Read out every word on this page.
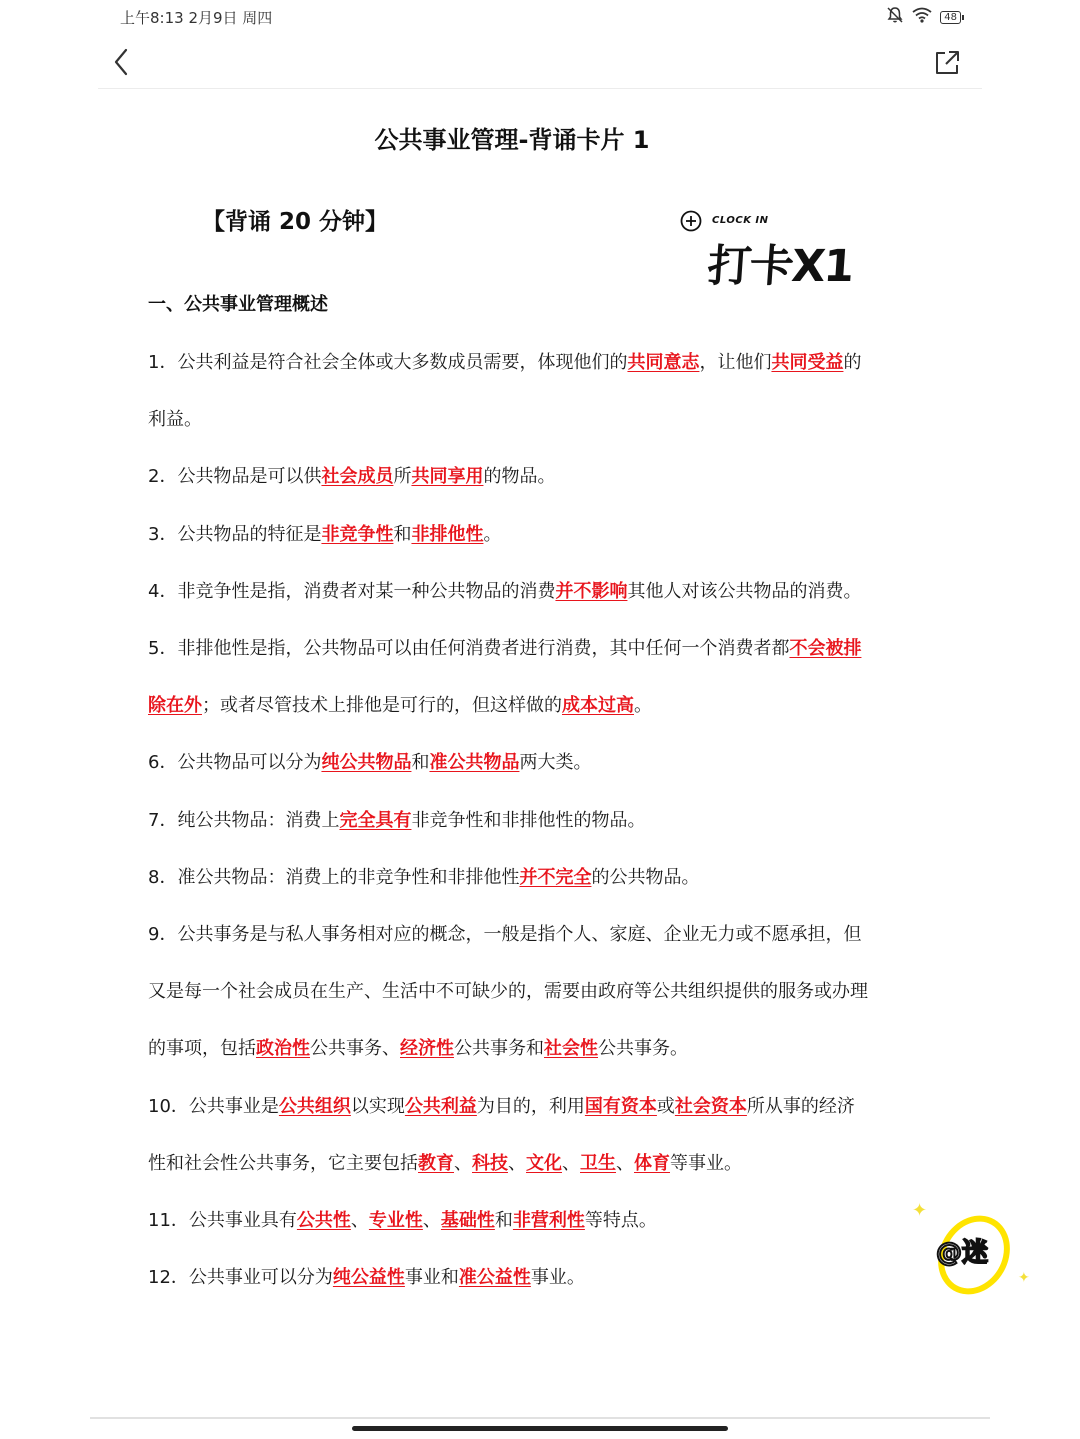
上午8:13 2月9日 周四	48
公共事业管理-背诵卡片 1
【背诵 20 分钟】
一、公共事业管理概述
1．公共利益是符合社会全体或大多数成员需要，体现他们的共同意志，让他们共同受益的
利益。
2．公共物品是可以供社会成员所共同享用的物品。
3．公共物品的特征是非竞争性和非排他性。
4．非竞争性是指，消费者对某一种公共物品的消费并不影响其他人对该公共物品的消费。
5．非排他性是指，公共物品可以由任何消费者进行消费，其中任何一个消费者都不会被排
除在外；或者尽管技术上排他是可行的，但这样做的成本过高。
6．公共物品可以分为纯公共物品和准公共物品两大类。
7．纯公共物品：消费上完全具有非竞争性和非排他性的物品。
8．准公共物品：消费上的非竞争性和非排他性并不完全的公共物品。
9．公共事务是与私人事务相对应的概念，一般是指个人、家庭、企业无力或不愿承担，但
又是每一个社会成员在生产、生活中不可缺少的，需要由政府等公共组织提供的服务或办理
的事项，包括政治性公共事务、经济性公共事务和社会性公共事务。
10．公共事业是公共组织以实现公共利益为目的，利用国有资本或社会资本所从事的经济
性和社会性公共事务，它主要包括教育、科技、文化、卫生、体育等事业。
11．公共事业具有公共性、专业性、基础性和非营利性等特点。
12．公共事业可以分为纯公益性事业和准公益性事业。
CLOCK IN
打卡X1
✦
✦
@迷
